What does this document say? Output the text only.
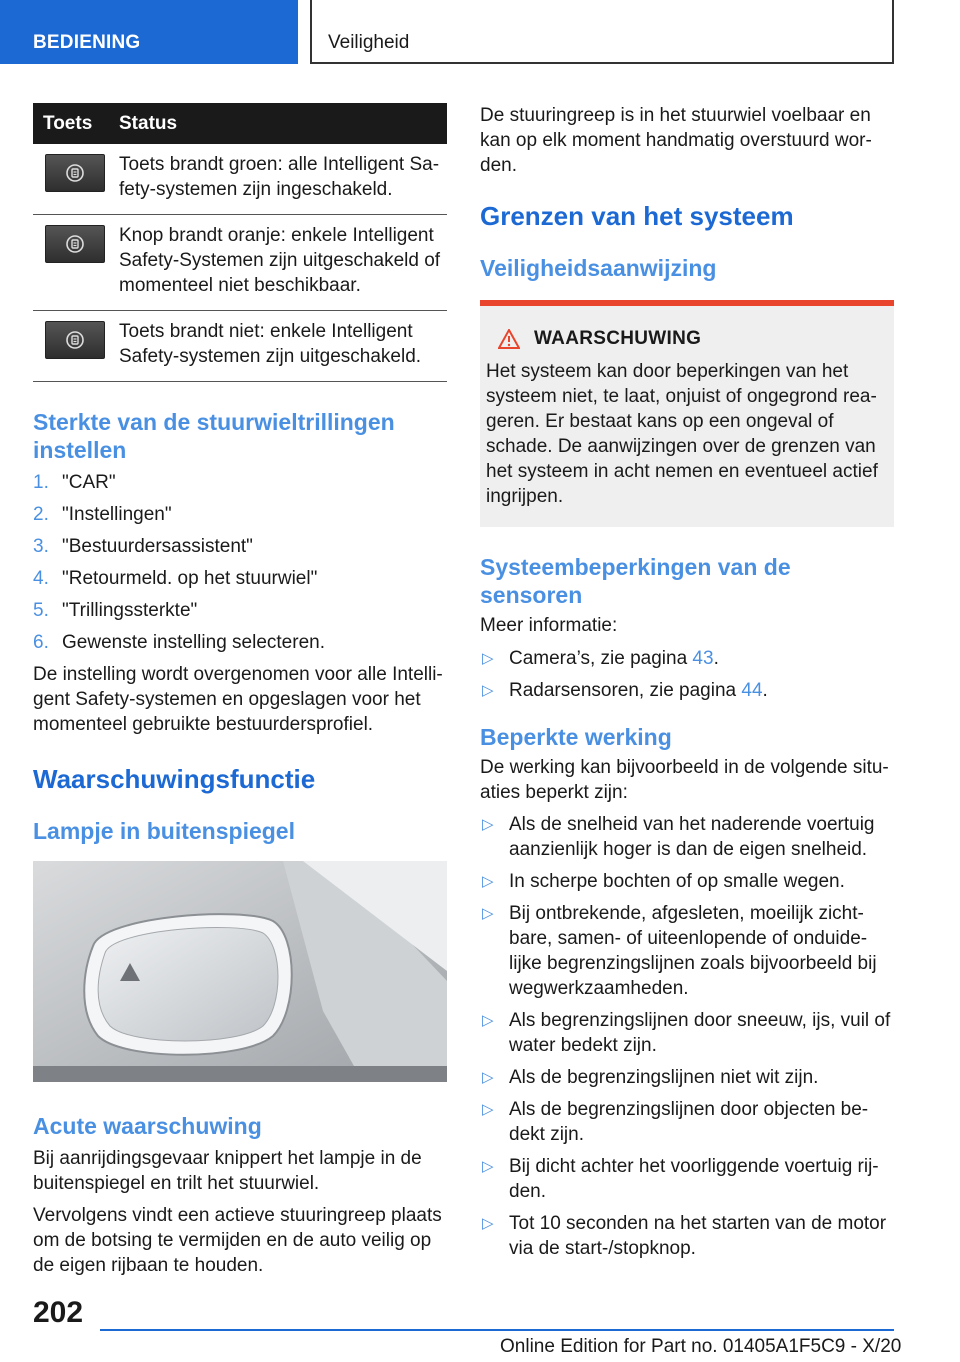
BEDIENING	Veiligheid
Toets	Status

	Toets brandt groen: alle Intelligent Sa-fety-systemen zijn ingeschakeld.

	Knop brandt oranje: enkele Intelligent Safety-Systemen zijn uitgeschakeld of momenteel niet beschikbaar.

	Toets brandt niet: enkele Intelligent Safety-systemen zijn uitgeschakeld.
Sterkte van de stuurwieltrillingen instellen
1. "CAR"
2. "Instellingen"
3. "Bestuurdersassistent"
4. "Retourmeld. op het stuurwiel"
5. "Trillingssterkte"
6. Gewenste instelling selecteren.

De instelling wordt overgenomen voor alle Intelli-gent Safety-systemen en opgeslagen voor het momenteel gebruikte bestuurdersprofiel.

Waarschuwingsfunctie
Lampje in buitenspiegel
Acute waarschuwing

Bij aanrijdingsgevaar knippert het lampje in de buitenspiegel en trilt het stuurwiel.

Vervolgens vindt een actieve stuuringreep plaats om de botsing te vermijden en de auto veilig op de eigen rijbaan te houden.

De stuuringreep is in het stuurwiel voelbaar en kan op elk moment handmatig overstuurd wor-den.

Grenzen van het systeem
Veiligheidsaanwijzing
WAARSCHUWING

Het systeem kan door beperkingen van het systeem niet, te laat, onjuist of ongegrond rea-geren. Er bestaat kans op een ongeval of schade. De aanwijzingen over de grenzen van het systeem in acht nemen en eventueel actief ingrijpen.

Systeembeperkingen van de sensoren

Meer informatie:

▷ Camera’s, zie pagina 43.
▷ Radarsensoren, zie pagina 44.
Beperkte werking

De werking kan bijvoorbeeld in de volgende situ-aties beperkt zijn:

▷ Als de snelheid van het naderende voertuig aanzienlijk hoger is dan de eigen snelheid.
▷ In scherpe bochten of op smalle wegen.
▷ Bij ontbrekende, afgesleten, moeilijk zicht-bare, samen- of uiteenlopende of onduide-lijke begrenzingslijnen zoals bijvoorbeeld bij wegwerkzaamheden.
▷ Als begrenzingslijnen door sneeuw, ijs, vuil of water bedekt zijn.
▷ Als de begrenzingslijnen niet wit zijn.
▷ Als de begrenzingslijnen door objecten be-dekt zijn.
▷ Bij dicht achter het voorliggende voertuig rij-den.
▷ Tot 10 seconden na het starten van de motor via de start-/stopknop.
202
Online Edition for Part no. 01405A1F5C9 - X/20
